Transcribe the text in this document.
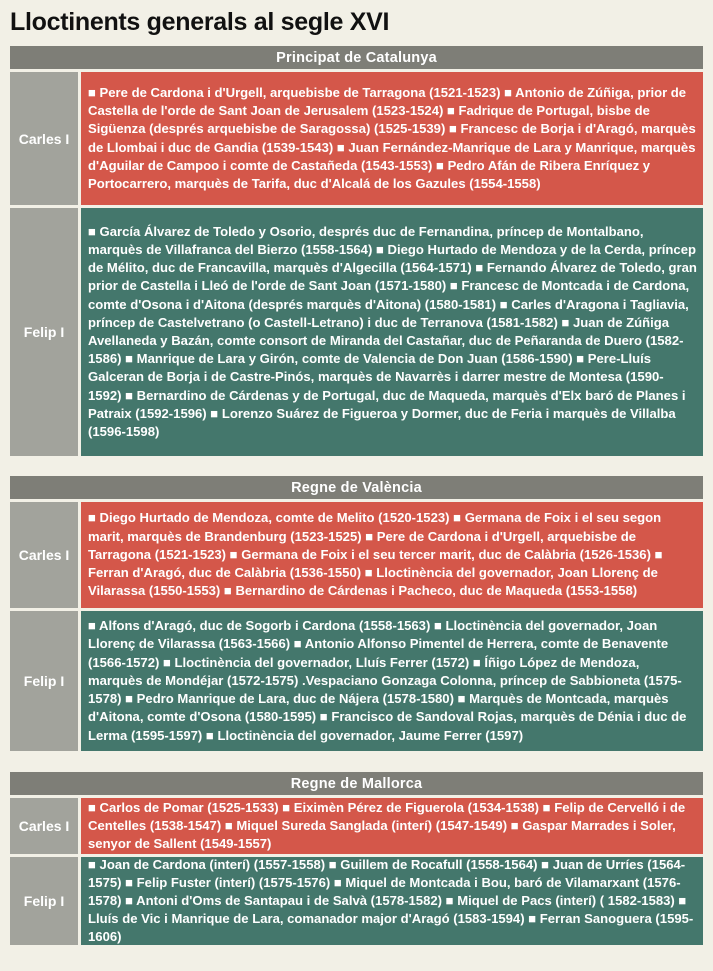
Lloctinents generals al segle XVI
Principat de Catalunya
Carles I
■ Pere de Cardona i d'Urgell, arquebisbe de Tarragona (1521-1523) ■ Antonio de Zúñiga, prior de Castella de l'orde de Sant Joan de Jerusalem (1523-1524) ■ Fadrique de Portugal, bisbe de Sigüenza (després arquebisbe de Saragossa) (1525-1539) ■ Francesc de Borja i d'Aragó, marquès de Llombai i duc de Gandia (1539-1543) ■ Juan Fernández-Manrique de Lara y Manrique, marquès d'Aguilar de Campoo i comte de Castañeda (1543-1553) ■ Pedro Afán de Ribera Enríquez y Portocarrero, marquès de Tarifa, duc d'Alcalá de los Gazules (1554-1558)
Felip I
■ García Álvarez de Toledo y Osorio, després duc de Fernandina, príncep de Montalbano, marquès de Villafranca del Bierzo (1558-1564) ■ Diego Hurtado de Mendoza y de la Cerda, príncep de Mélito, duc de Francavilla, marquès d'Algecilla (1564-1571) ■ Fernando Álvarez de Toledo, gran prior de Castella i Lleó de l'orde de Sant Joan (1571-1580) ■ Francesc de Montcada i de Cardona, comte d'Osona i d'Aitona (després marquès d'Aitona) (1580-1581) ■ Carles d'Aragona i Tagliavia, príncep de Castelvetrano (o Castell-Letrano) i duc de Terranova (1581-1582) ■ Juan de Zúñiga Avellaneda y Bazán, comte consort de Miranda del Castañar, duc de Peñaranda de Duero (1582-1586) ■ Manrique de Lara y Girón, comte de Valencia de Don Juan (1586-1590) ■ Pere-Lluís Galceran de Borja i de Castre-Pinós, marquès de Navarrès i darrer mestre de Montesa (1590-1592) ■ Bernardino de Cárdenas y de Portugal, duc de Maqueda, marquès d'Elx baró de Planes i Patraix (1592-1596) ■ Lorenzo Suárez de Figueroa y Dormer, duc de Feria i marquès de Villalba (1596-1598)
Regne de València
Carles I
■ Diego Hurtado de Mendoza, comte de Melito (1520-1523) ■ Germana de Foix i el seu segon marit, marquès de Brandenburg (1523-1525) ■ Pere de Cardona i d'Urgell, arquebisbe de Tarragona (1521-1523) ■ Germana de Foix i el seu tercer marit, duc de Calàbria (1526-1536) ■ Ferran d'Aragó, duc de Calàbria (1536-1550) ■ Lloctinència del governador, Joan Llorenç de Vilarassa (1550-1553) ■ Bernardino de Cárdenas i Pacheco, duc de Maqueda (1553-1558)
Felip I
■ Alfons d'Aragó, duc de Sogorb i Cardona (1558-1563) ■ Lloctinència del governador, Joan Llorenç de Vilarassa (1563-1566) ■ Antonio Alfonso Pimentel de Herrera, comte de Benavente (1566-1572) ■ Lloctinència del governador, Lluís Ferrer (1572) ■ Íñigo López de Mendoza, marquès de Mondéjar (1572-1575) .Vespaciano Gonzaga Colonna, príncep de Sabbioneta (1575-1578) ■ Pedro Manrique de Lara, duc de Nájera (1578-1580) ■ Marquès de Montcada, marquès d'Aitona, comte d'Osona (1580-1595) ■ Francisco de Sandoval Rojas, marquès de Dénia i duc de Lerma (1595-1597) ■ Lloctinència del governador, Jaume Ferrer (1597)
Regne de Mallorca
Carles I
■ Carlos de Pomar (1525-1533) ■ Eiximèn Pérez de Figuerola (1534-1538) ■ Felip de Cervelló i de Centelles (1538-1547) ■ Miquel Sureda Sanglada (interí) (1547-1549) ■ Gaspar Marrades i Soler, senyor de Sallent (1549-1557)
Felip I
■ Joan de Cardona (interí) (1557-1558) ■ Guillem de Rocafull (1558-1564) ■ Juan de Urríes (1564-1575) ■ Felip Fuster (interí) (1575-1576) ■ Miquel de Montcada i Bou, baró de Vilamarxant (1576-1578) ■ Antoni d'Oms de Santapau i de Salvà (1578-1582) ■ Miquel de Pacs (interí) ( 1582-1583) ■ Lluís de Vic i Manrique de Lara, comanador major d'Aragó (1583-1594) ■ Ferran Sanoguera (1595-1606)
